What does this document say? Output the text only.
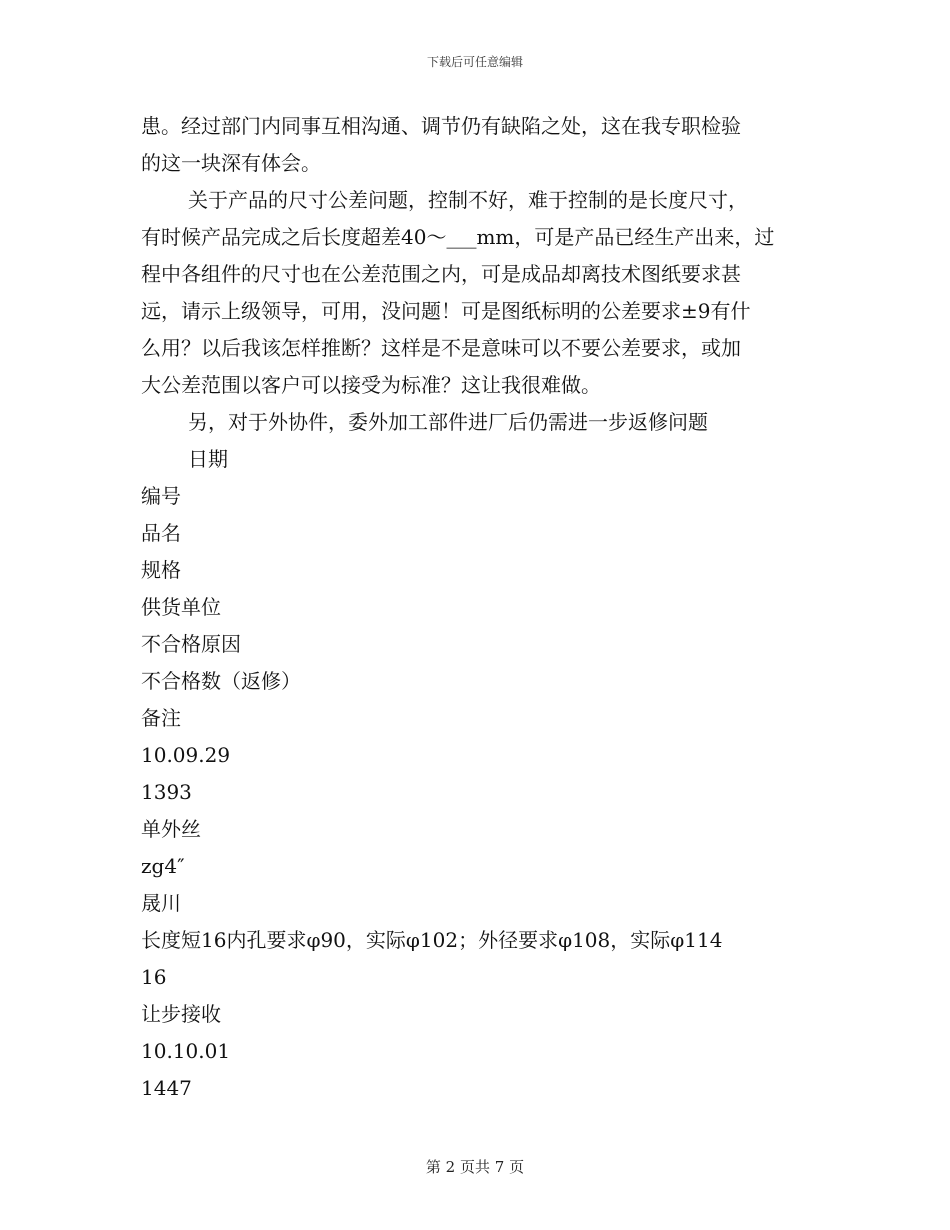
下载后可任意编辑
患。经过部门内同事互相沟通、调节仍有缺陷之处，这在我专职检验
的这一块深有体会。
关于产品的尺寸公差问题，控制不好，难于控制的是长度尺寸，
有时候产品完成之后长度超差40～___mm，可是产品已经生产出来，过
程中各组件的尺寸也在公差范围之内，可是成品却离技术图纸要求甚
远，请示上级领导，可用，没问题！可是图纸标明的公差要求±9有什
么用？以后我该怎样推断？这样是不是意味可以不要公差要求，或加
大公差范围以客户可以接受为标准？这让我很难做。
另，对于外协件，委外加工部件进厂后仍需进一步返修问题
日期
编号
品名
规格
供货单位
不合格原因
不合格数（返修）
备注
10.09.29
1393
单外丝
zg4″
晟川
长度短16内孔要求φ90，实际φ102；外径要求φ108，实际φ114
16
让步接收
10.10.01
1447
第 2 页共 7 页
